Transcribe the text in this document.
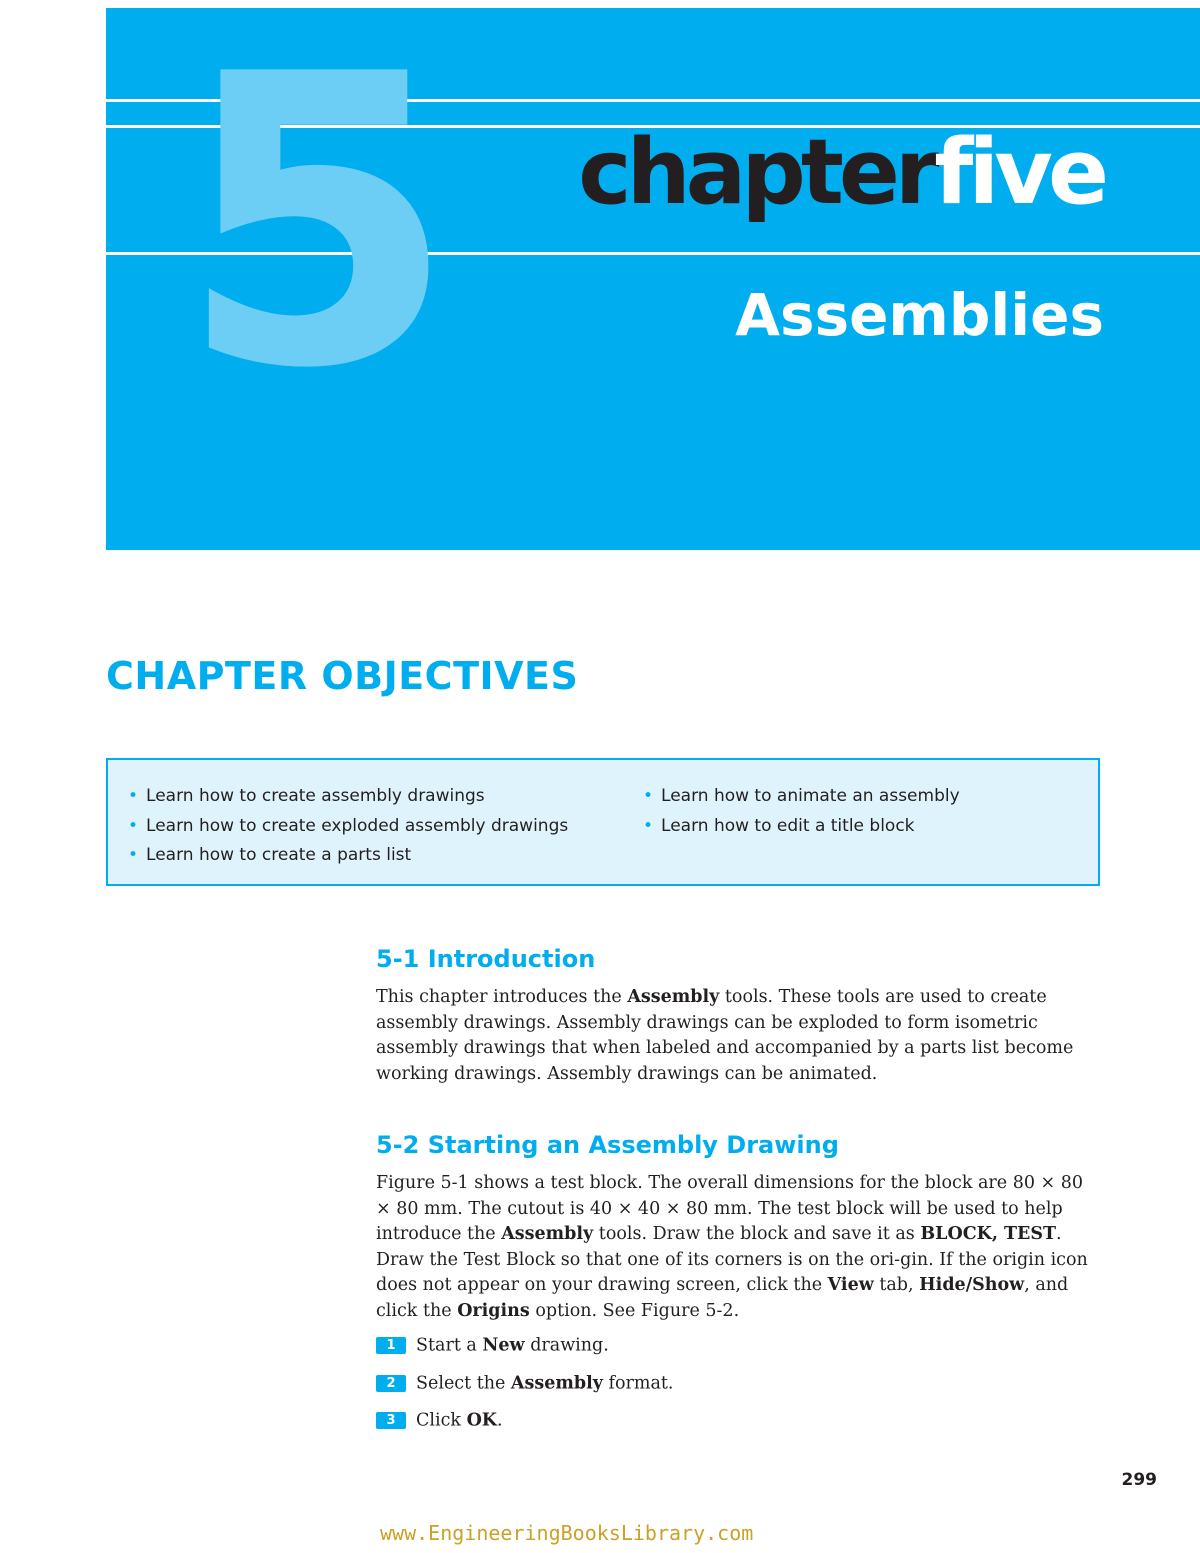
5 chapterfive
Assemblies
CHAPTER OBJECTIVES
• Learn how to create assembly drawings
• Learn how to create exploded assembly drawings
• Learn how to create a parts list
• Learn how to animate an assembly
• Learn how to edit a title block
5-1 Introduction

This chapter introduces the Assembly tools. These tools are used to create assembly drawings. Assembly drawings can be exploded to form isometric assembly drawings that when labeled and accompanied by a parts list become working drawings. Assembly drawings can be animated.

5-2 Starting an Assembly Drawing

Figure 5-1 shows a test block. The overall dimensions for the block are 80 × 80 × 80 mm. The cutout is 40 × 40 × 80 mm. The test block will be used to help introduce the Assembly tools. Draw the block and save it as BLOCK, TEST. Draw the Test Block so that one of its corners is on the ori-gin. If the origin icon does not appear on your drawing screen, click the View tab, Hide/Show, and click the Origins option. See Figure 5-2.

1 Start a New drawing.
2 Select the Assembly format.
3 Click OK.
299
www.EngineeringBooksLibrary.com
